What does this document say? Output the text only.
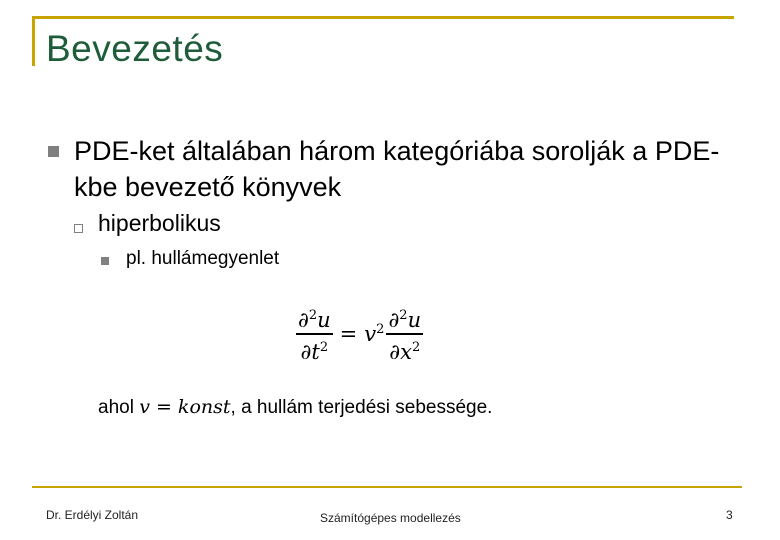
Bevezetés
PDE-ket általában három kategóriába sorolják a PDE-kbe bevezető könyvek
hiperbolikus
pl. hullámegyenlet
$\frac{\partial^2u}{\partial t^2} = v^2 \frac{\partial^2u}{\partial x^2}$
ahol v = konst, a hullám terjedési sebessége.
Dr. Erdélyi Zoltán	Számítógépes modellezés	3
